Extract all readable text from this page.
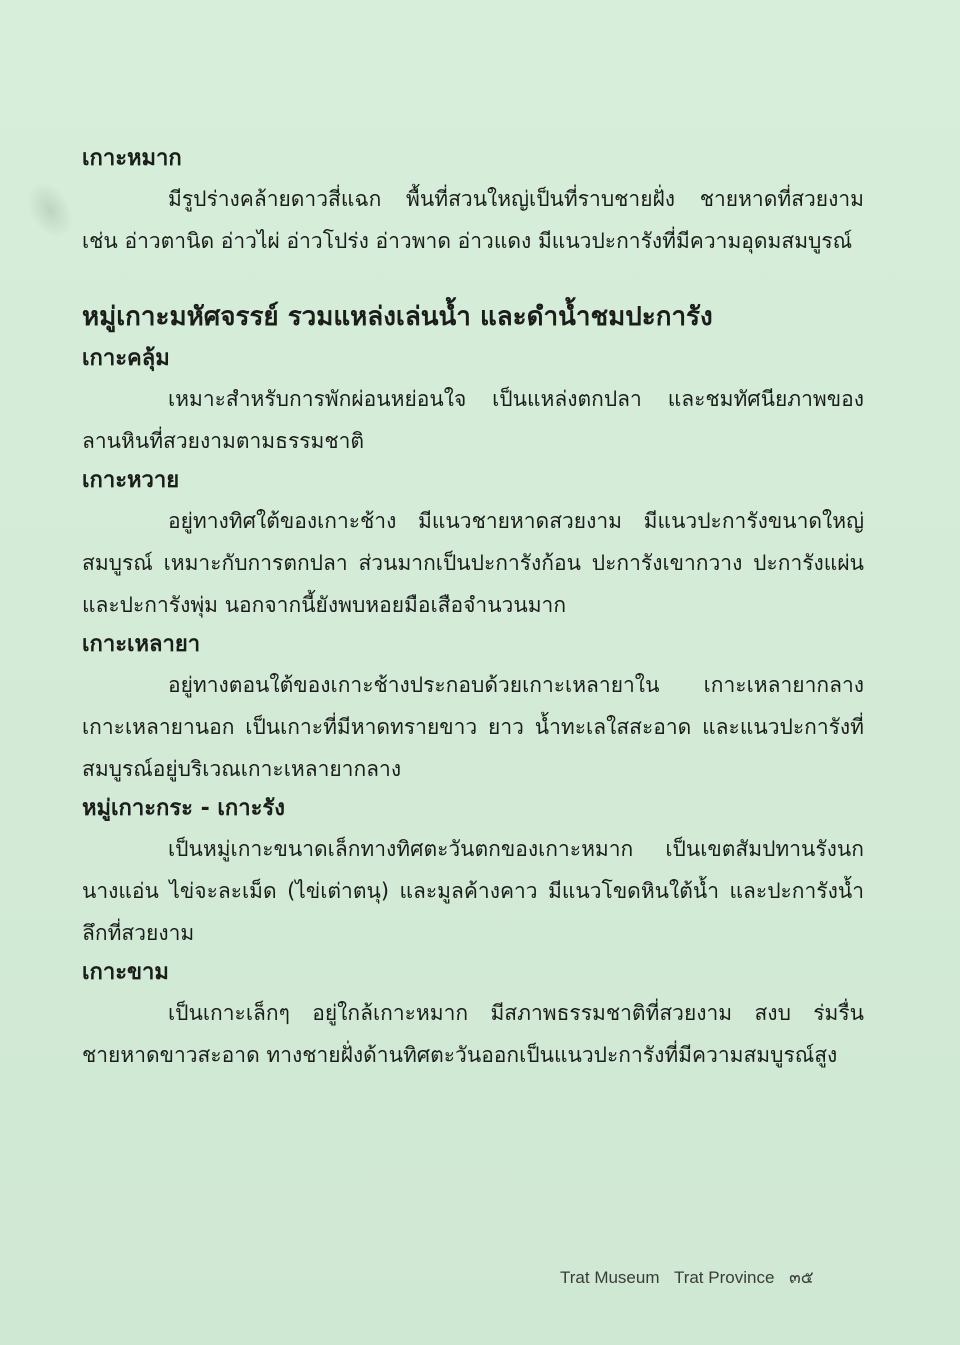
เกาะหมาก

มีรูปร่างคล้ายดาวสี่แฉก พื้นที่สวนใหญ่เป็นที่ราบชายฝั่ง ชายหาดที่สวยงาม เช่น อ่าวตานิด อ่าวไผ่ อ่าวโปร่ง อ่าวพาด อ่าวแดง มีแนวปะการังที่มีความอุดมสมบูรณ์

หมู่เกาะมหัศจรรย์ รวมแหล่งเล่นน้ำ และดำน้ำชมปะการัง

เกาะคลุ้ม

เหมาะสำหรับการพักผ่อนหย่อนใจ เป็นแหล่งตกปลา และชมทัศนียภาพของลานหินที่สวยงามตามธรรมชาติ

เกาะหวาย

อยู่ทางทิศใต้ของเกาะช้าง มีแนวชายหาดสวยงาม มีแนวปะการังขนาดใหญ่ สมบูรณ์ เหมาะกับการตกปลา ส่วนมากเป็นปะการังก้อน ปะการังเขากวาง ปะการังแผ่นและปะการังพุ่ม นอกจากนี้ยังพบหอยมือเสือจำนวนมาก

เกาะเหลายา

อยู่ทางตอนใต้ของเกาะช้างประกอบด้วยเกาะเหลายาใน เกาะเหลายากลาง เกาะเหลายานอก เป็นเกาะที่มีหาดทรายขาว ยาว น้ำทะเลใสสะอาด และแนวปะการังที่สมบูรณ์อยู่บริเวณเกาะเหลายากลาง

หมู่เกาะกระ - เกาะรัง

เป็นหมู่เกาะขนาดเล็กทางทิศตะวันตกของเกาะหมาก เป็นเขตสัมปทานรังนกนางแอ่น ไข่จะละเม็ด (ไข่เต่าตนุ) และมูลค้างคาว มีแนวโขดหินใต้น้ำ และปะการังน้ำลึกที่สวยงาม

เกาะขาม

เป็นเกาะเล็กๆ อยู่ใกล้เกาะหมาก มีสภาพธรรมชาติที่สวยงาม สงบ ร่มรื่น ชายหาดขาวสะอาด ทางชายฝั่งด้านทิศตะวันออกเป็นแนวปะการังที่มีความสมบูรณ์สูง

Trat Museum Trat Province ๓๕
